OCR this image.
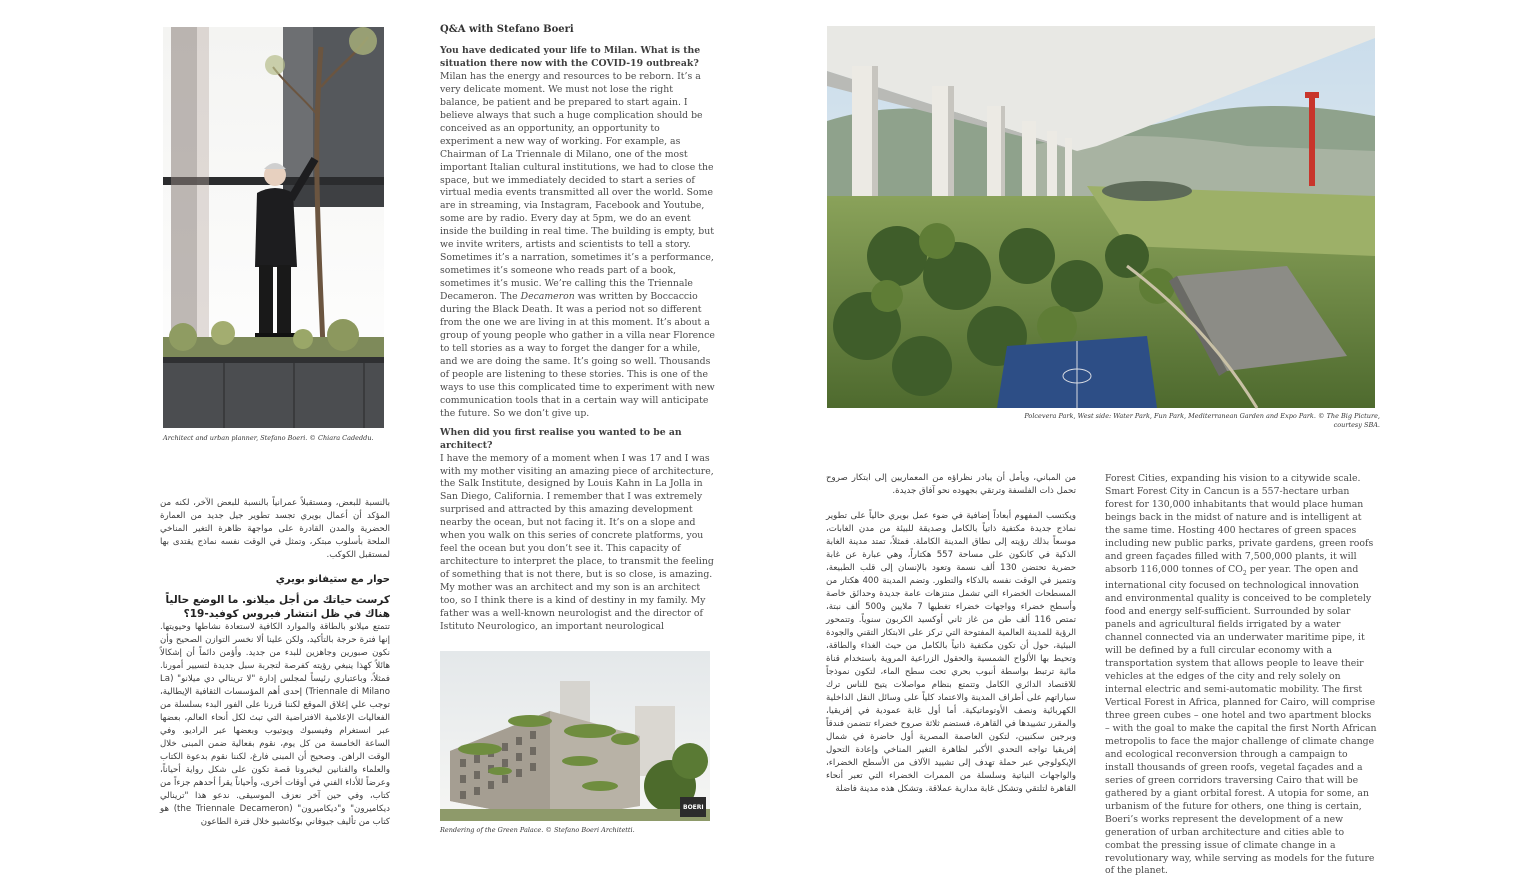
Architect and urban planner, Stefano Boeri. © Chiara Cadeddu.

بالنسبة للبعض، ومستقبلاً عمرانياً بالنسبة للبعض الآخر، لكنه من المؤكد أن أعمال بويري تجسد تطوير جيل جديد من العمارة الحضرية والمدن القادرة على مواجهة ظاهرة التغير المناخي الملحة بأسلوب مبتكر، وتمثل في الوقت نفسه نماذج يقتدى بها لمستقبل الكوكب.

حوار مع ستيفانو بويري
كرست حياتك من أجل ميلانو. ما الوضع حالياً هناك في ظل انتشار فيروس كوفيد-19؟

تتمتع ميلانو بالطاقة والموارد الكافية لاستعادة نشاطها وحيويتها. إنها فترة حرجة بالتأكيد، ولكن علينا ألا نخسر التوازن الصحيح وأن نكون صبورين وجاهزين للبدء من جديد. وأؤمن دائماً أن إشكالاً هائلاً كهذا ينبغي رؤيته كفرصة لتجربة سبل جديدة لتسيير أمورنا. فمثلاً، وباعتباري رئيساً لمجلس إدارة "لا ترينالي دي ميلانو" (La Triennale di Milano) إحدى أهم المؤسسات الثقافية الإيطالية، توجب علي إغلاق الموقع لكننا قررنا على الفور البدء بسلسلة من الفعاليات الإعلامية الافتراضية التي تبث لكل أنحاء العالم، بعضها عبر انستغرام وفيسبوك ويوتيوب وبعضها عبر الراديو. وفي الساعة الخامسة من كل يوم، نقوم بفعالية ضمن المبنى خلال الوقت الراهن. وصحيح أن المبنى فارغ، لكننا نقوم بدعوة الكتاب والعلماء والفنانين ليخبرونا قصة تكون على شكل رواية أحياناً، وعرضاً للأداء الفني في أوقات أخرى، وأحياناً يقرأ أحدهم جزءاً من كتاب، وفي حين آخر نعزف الموسيقى. ندعو هذا "ترينالي ديكاميرون" و"ديكاميرون" (the Triennale Decameron) هو كتاب من تأليف جيوفاني بوكاتشيو خلال فترة الطاعون

Q&A with Stefano Boeri

You have dedicated your life to Milan. What is the situation there now with the COVID-19 outbreak?

Milan has the energy and resources to be reborn. It’s a very delicate moment. We must not lose the right balance, be patient and be prepared to start again. I believe always that such a huge complication should be conceived as an opportunity, an opportunity to experiment a new way of working. For example, as Chairman of La Triennale di Milano, one of the most important Italian cultural institutions, we had to close the space, but we immediately decided to start a series of virtual media events transmitted all over the world. Some are in streaming, via Instagram, Facebook and Youtube, some are by radio. Every day at 5pm, we do an event inside the building in real time. The building is empty, but we invite writers, artists and scientists to tell a story. Sometimes it’s a narration, sometimes it’s a performance, sometimes it’s someone who reads part of a book, sometimes it’s music. We’re calling this the Triennale Decameron. The Decameron was written by Boccaccio during the Black Death. It was a period not so different from the one we are living in at this moment. It’s about a group of young people who gather in a villa near Florence to tell stories as a way to forget the danger for a while, and we are doing the same. It’s going so well. Thousands of people are listening to these stories. This is one of the ways to use this complicated time to experiment with new communication tools that in a certain way will anticipate the future. So we don’t give up.

When did you first realise you wanted to be an architect?

I have the memory of a moment when I was 17 and I was with my mother visiting an amazing piece of architecture, the Salk Institute, designed by Louis Kahn in La Jolla in San Diego, California. I remember that I was extremely surprised and attracted by this amazing development nearby the ocean, but not facing it. It’s on a slope and when you walk on this series of concrete platforms, you feel the ocean but you don’t see it. This capacity of architecture to interpret the place, to transmit the feeling of something that is not there, but is so close, is amazing. My mother was an architect and my son is an architect too, so I think there is a kind of destiny in my family. My father was a well-known neurologist and the director of Istituto Neurologico, an important neurological

BOERI
Rendering of the Green Palace. © Stefano Boeri Architetti.
Polcevera Park, West side: Water Park, Fun Park, Mediterranean Garden and Expo Park. © The Big Picture, courtesy SBA.

من المباني، ويأمل أن يبادر نظراؤه من المعماريين إلى ابتكار صروح تحمل ذات الفلسفة وترتقي بجهوده نحو آفاق جديدة.

ويكتسب المفهوم أبعاداً إضافية في ضوء عمل بويري حالياً على تطوير نماذج جديدة مكتفية ذاتياً بالكامل وصديقة للبيئة من مدن الغابات، موسعاً بذلك رؤيته إلى نطاق المدينة الكاملة. فمثلاً، تمتد مدينة الغابة الذكية في كانكون على مساحة 557 هكتاراً، وهي عبارة عن غابة حضرية تحتضن 130 ألف نسمة وتعود بالإنسان إلى قلب الطبيعة، وتتميز في الوقت نفسه بالذكاء والتطور. وتضم المدينة 400 هكتار من المسطحات الخضراء التي تشمل منتزهات عامة جديدة وحدائق خاصة وأسطح خضراء وواجهات خضراء تغطيها 7 ملايين و500 ألف نبتة، تمتص 116 ألف طن من غاز ثاني أوكسيد الكربون سنوياً. وتتمحور الرؤية للمدينة العالمية المفتوحة التي تركز على الابتكار التقني والجودة البيئية، حول أن تكون مكتفية ذاتياً بالكامل من حيث الغذاء والطاقة، وتحيط بها الألواح الشمسية والحقول الزراعية المروية باستخدام قناة مائية ترتبط بواسطة أنبوب بحري تحت سطح الماء، لتكون نموذجاً للاقتصاد الدائري الكامل وتتمتع بنظام مواصلات يتيح للناس ترك سياراتهم على أطراف المدينة والاعتماد كلياً على وسائل النقل الداخلية الكهربائية ونصف الأوتوماتيكية. أما أول غابة عمودية في إفريقيا، والمقرر تشييدها في القاهرة، فستضم ثلاثة صروح خضراء تتضمن فندقاً وبرجين سكنيين، لتكون العاصمة المصرية أول حاضرة في شمال إفريقيا تواجه التحدي الأكبر لظاهرة التغير المناخي وإعادة التحول الإيكولوجي عبر حملة تهدف إلى تشييد الآلاف من الأسطح الخضراء، والواجهات النباتية وسلسلة من الممرات الخضراء التي تعبر أنحاء القاهرة لتلتقي وتشكل غابة مدارية عملاقة. وتشكل هذه مدينة فاضلة

Forest Cities, expanding his vision to a citywide scale. Smart Forest City in Cancun is a 557-hectare urban forest for 130,000 inhabitants that would place human beings back in the midst of nature and is intelligent at the same time. Hosting 400 hectares of green spaces including new public parks, private gardens, green roofs and green façades filled with 7,500,000 plants, it will absorb 116,000 tonnes of $CO_2$ per year. The open and international city focused on technological innovation and environmental quality is conceived to be completely food and energy self-sufficient. Surrounded by solar panels and agricultural fields irrigated by a water channel connected via an underwater maritime pipe, it will be defined by a full circular economy with a transportation system that allows people to leave their vehicles at the edges of the city and rely solely on internal electric and semi-automatic mobility. The first Vertical Forest in Africa, planned for Cairo, will comprise three green cubes – one hotel and two apartment blocks – with the goal to make the capital the first North African metropolis to face the major challenge of climate change and ecological reconversion through a campaign to install thousands of green roofs, vegetal façades and a series of green corridors traversing Cairo that will be gathered by a giant orbital forest. A utopia for some, an urbanism of the future for others, one thing is certain, Boeri’s works represent the development of a new generation of urban architecture and cities able to combat the pressing issue of climate change in a revolutionary way, while serving as models for the future of the planet.
